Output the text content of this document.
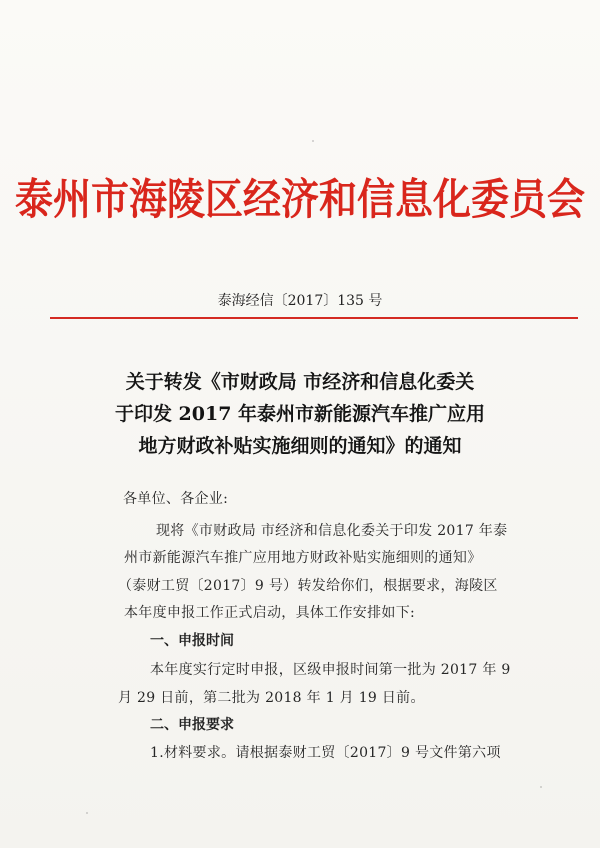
泰州市海陵区经济和信息化委员会
泰海经信〔2017〕135 号
关于转发《市财政局 市经济和信息化委关
于印发 2017 年泰州市新能源汽车推广应用
地方财政补贴实施细则的通知》的通知
各单位、各企业:
现将《市财政局 市经济和信息化委关于印发 2017 年泰
州市新能源汽车推广应用地方财政补贴实施细则的通知》
（泰财工贸〔2017〕9 号）转发给你们，根据要求，海陵区
本年度申报工作正式启动，具体工作安排如下:
一、申报时间
本年度实行定时申报，区级申报时间第一批为 2017 年 9
月 29 日前，第二批为 2018 年 1 月 19 日前。
二、申报要求
1.材料要求。请根据泰财工贸〔2017〕9 号文件第六项
